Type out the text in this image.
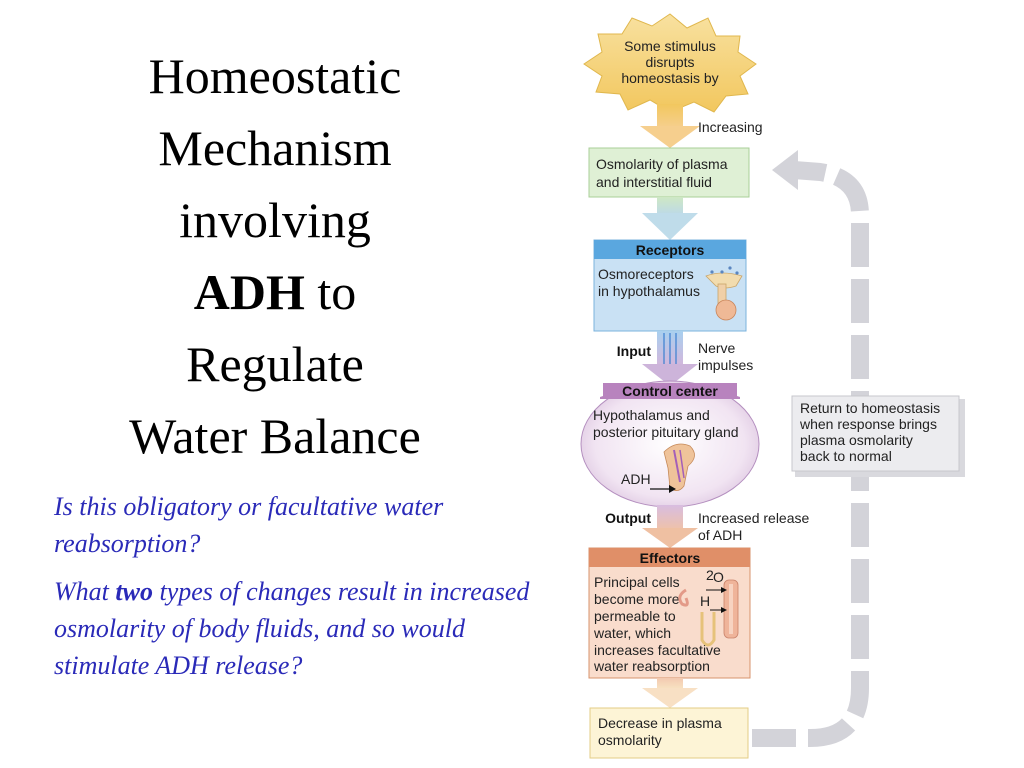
Homeostatic
Mechanism
involving
ADH to
Regulate
Water Balance

Is this obligatory or facultative water reabsorption?

What two types of changes result in increased osmolarity of body fluids, and so would stimulate ADH release?

Some stimulus
disrupts
homeostasis by
Increasing
Osmolarity of plasma
and interstitial fluid
Receptors
Osmoreceptors
in hypothalamus
Input	Nerve
impulses
Control center
Hypothalamus and
posterior pituitary gland
ADH
Output	Increased release
of ADH
Effectors
Principal cells
become more
permeable to
water, which
increases facultative
water reabsorption
2 O
H
Decrease in plasma
osmolarity
Return to homeostasis
when response brings
plasma osmolarity
back to normal
